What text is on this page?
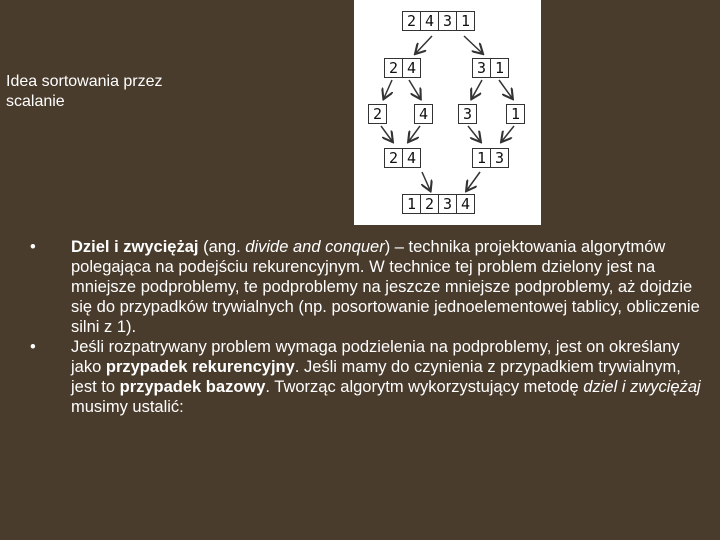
Idea sortowania przez scalanie
2 4 3 1
2 4	3 1
2 4 3	1
2 4	1 3
1 2 3 4

• Dziel i zwyciężaj (ang. divide and conquer) – technika projektowania algorytmów polegająca na podejściu rekurencyjnym. W technice tej problem dzielony jest na mniejsze podproblemy, te podproblemy na jeszcze mniejsze podproblemy, aż dojdzie się do przypadków trywialnych (np. posortowanie jednoelementowej tablicy, obliczenie silni z 1).

• Jeśli rozpatrywany problem wymaga podzielenia na podproblemy, jest on określany jako przypadek rekurencyjny. Jeśli mamy do czynienia z przypadkiem trywialnym, jest to przypadek bazowy. Tworząc algorytm wykorzystujący metodę dziel i zwyciężaj musimy ustalić:
